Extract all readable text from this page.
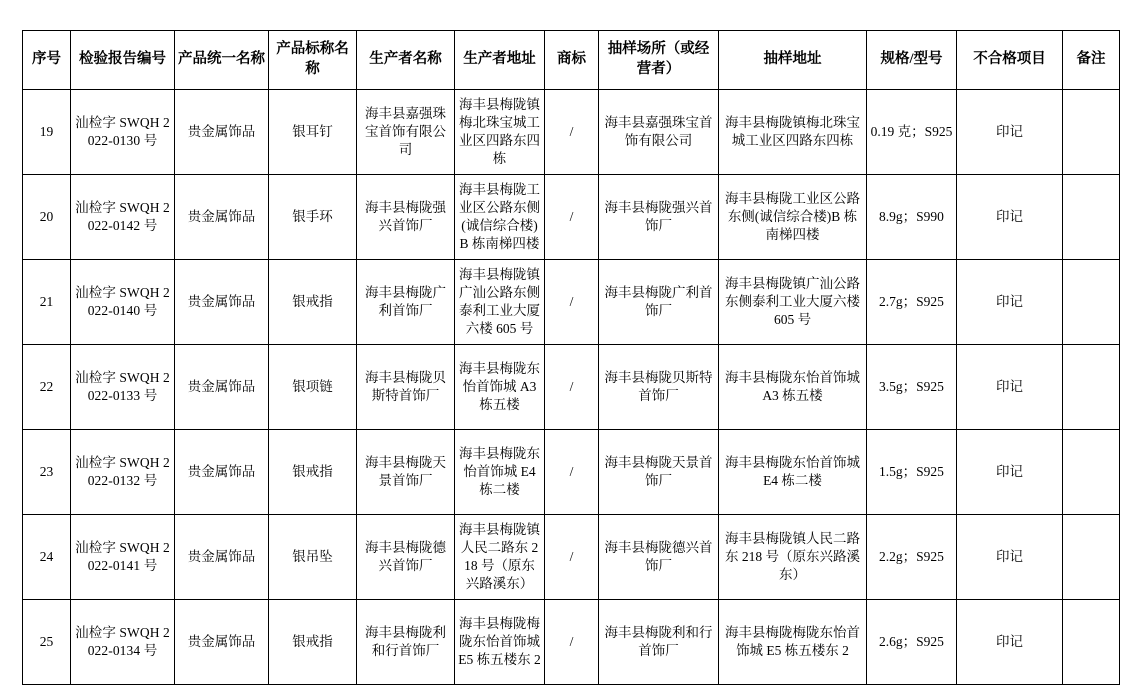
序号	检验报告编号	产品统一名称	产品标称名称	生产者名称	生产者地址	商标	抽样场所（或经营者）	抽样地址	规格/型号	不合格项目	备注
19	汕检字 SWQH 2022-0130 号	贵金属饰品	银耳钉	海丰县嘉强珠宝首饰有限公司	海丰县梅陇镇梅北珠宝城工业区四路东四栋	/	海丰县嘉强珠宝首饰有限公司	海丰县梅陇镇梅北珠宝城工业区四路东四栋	0.19 克；S925	印记	
20	汕检字 SWQH 2022-0142 号	贵金属饰品	银手环	海丰县梅陇强兴首饰厂	海丰县梅陇工业区公路东侧(诚信综合楼)B 栋南梯四楼	/	海丰县梅陇强兴首饰厂	海丰县梅陇工业区公路东侧(诚信综合楼)B 栋南梯四楼	8.9g；S990	印记	
21	汕检字 SWQH 2022-0140 号	贵金属饰品	银戒指	海丰县梅陇广利首饰厂	海丰县梅陇镇广汕公路东侧泰利工业大厦六楼 605 号	/	海丰县梅陇广利首饰厂	海丰县梅陇镇广汕公路东侧泰利工业大厦六楼 605 号	2.7g；S925	印记	
22	汕检字 SWQH 2022-0133 号	贵金属饰品	银项链	海丰县梅陇贝斯特首饰厂	海丰县梅陇东怡首饰城 A3 栋五楼	/	海丰县梅陇贝斯特首饰厂	海丰县梅陇东怡首饰城 A3 栋五楼	3.5g；S925	印记	
23	汕检字 SWQH 2022-0132 号	贵金属饰品	银戒指	海丰县梅陇天景首饰厂	海丰县梅陇东怡首饰城 E4 栋二楼	/	海丰县梅陇天景首饰厂	海丰县梅陇东怡首饰城 E4 栋二楼	1.5g；S925	印记	
24	汕检字 SWQH 2022-0141 号	贵金属饰品	银吊坠	海丰县梅陇德兴首饰厂	海丰县梅陇镇人民二路东 218 号（原东兴路溪东）	/	海丰县梅陇德兴首饰厂	海丰县梅陇镇人民二路东 218 号（原东兴路溪东）	2.2g；S925	印记	
25	汕检字 SWQH 2022-0134 号	贵金属饰品	银戒指	海丰县梅陇利和行首饰厂	海丰县梅陇梅陇东怡首饰城 E5 栋五楼东 2	/	海丰县梅陇利和行首饰厂	海丰县梅陇梅陇东怡首饰城 E5 栋五楼东 2	2.6g；S925	印记	
